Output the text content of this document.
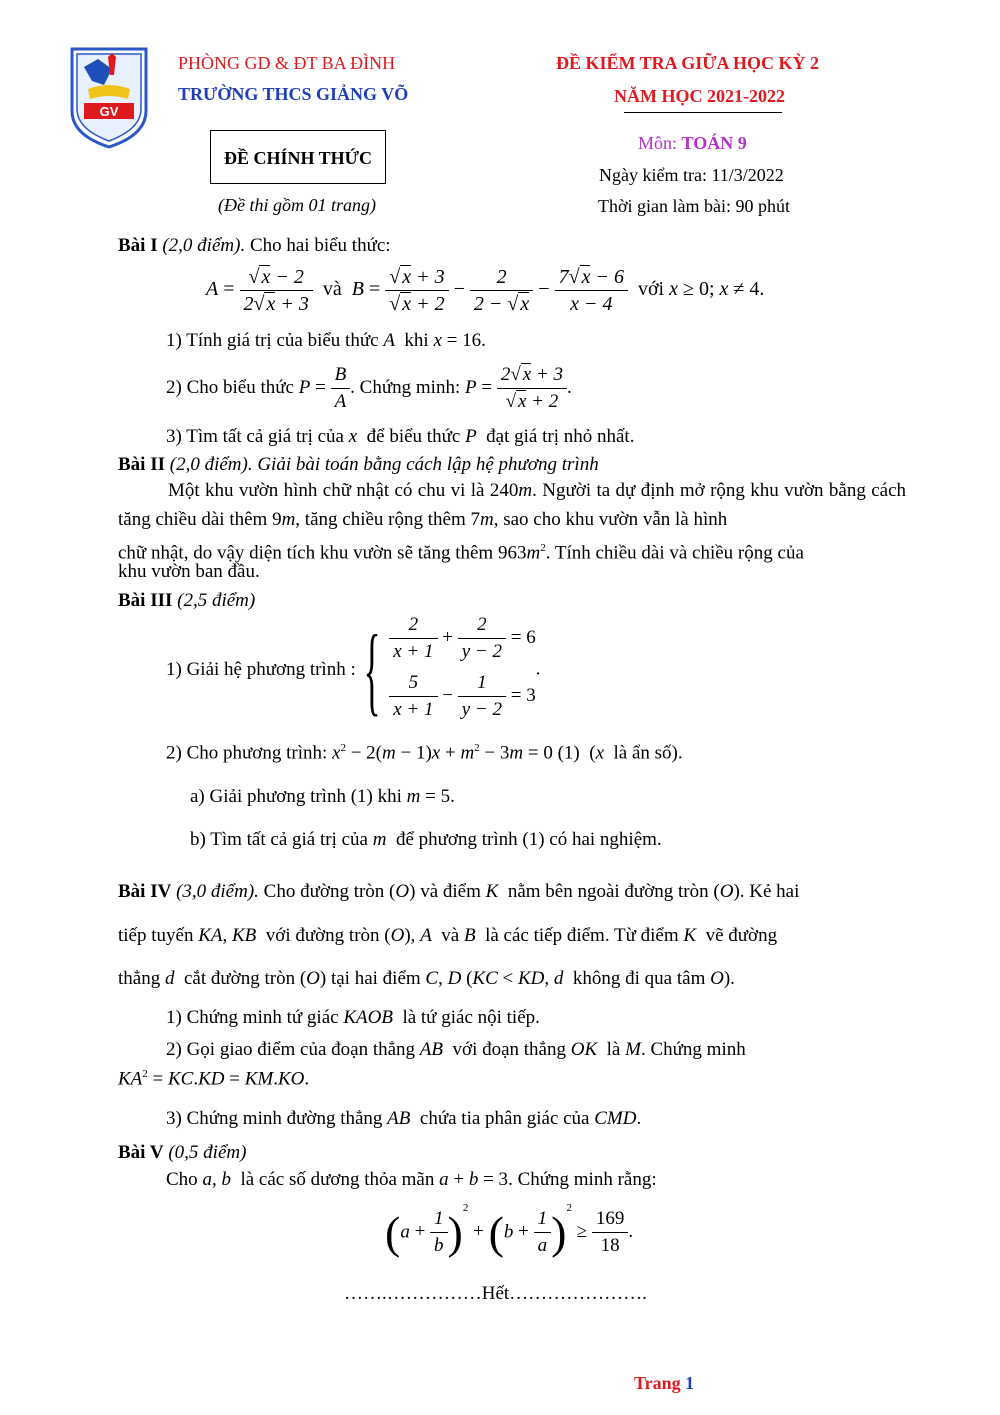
GV
PHÒNG GD & ĐT BA ĐÌNH
TRƯỜNG THCS GIẢNG VÕ
ĐỀ CHÍNH THỨC
(Đề thi gồm 01 trang)
ĐỀ KIỂM TRA GIỮA HỌC KỲ 2
NĂM HỌC 2021-2022
Môn: TOÁN 9
Ngày kiểm tra: 11/3/2022
Thời gian làm bài: 90 phút
Bài I (2,0 điểm). Cho hai biểu thức:
$A = \frac{√ x - 2}{2√ x + 3}$ và $B = \frac{√ x + 3}{√ x + 2} - \frac{2}{2 - √ x} - \frac{7√ x - 6}{x - 4}$ với x ≥ 0; x ≠ 4.
1) Tính giá trị của biểu thức A  khi x = 16.
2) Cho biểu thức $P = \frac{B}{A}$ . Chứng minh: $P = \frac{2√ x + 3}{√ x + 2}$ .
3) Tìm tất cả giá trị của x để biểu thức P đạt giá trị nhỏ nhất.
Bài II (2,0 điểm). Giải bài toán bằng cách lập hệ phương trình
Một khu vườn hình chữ nhật có chu vi là 240m. Người ta dự định mở rộng khu vườn bằng cách tăng chiều dài thêm 9m, tăng chiều rộng thêm 7m, sao cho khu vườn vẫn là hình
chữ nhật, do vậy diện tích khu vườn sẽ tăng thêm $963m^2$. Tính chiều dài và chiều rộng của
khu vườn ban đầu.
Bài III (2,5 điểm)
1) Giải hệ phương trình : { $\frac{2}{x + 1} + \frac{2}{y - 2} = 6$
$\frac{5}{x + 1} - \frac{1}{y - 2} = 3$
.
2) Cho phương trình: $x^2 - 2(m - 1)x + m^2 - 3m = 0$ (1)  (x là ẩn số).
a) Giải phương trình (1) khi m = 5.
b) Tìm tất cả giá trị của m để phương trình (1) có hai nghiệm.
Bài IV (3,0 điểm). Cho đường tròn (O) và điểm K nằm bên ngoài đường tròn (O). Kẻ hai
tiếp tuyến KA, KB với đường tròn (O), A và B là các tiếp điểm. Từ điểm K vẽ đường
thẳng d cắt đường tròn (O) tại hai điểm C, D (KC < KD, d không đi qua tâm O).
1) Chứng minh tứ giác KAOB là tứ giác nội tiếp.
2) Gọi giao điểm của đoạn thẳng AB với đoạn thẳng OK là M. Chứng minh
$KA^2 = KC.KD = KM.KO$.
3) Chứng minh đường thẳng AB chứa tia phân giác của CMD.
Bài V (0,5 điểm)
Cho a, b là các số dương thỏa mãn a + b = 3. Chứng minh rằng:
$(a + \frac{1}{b} )^2 + (b + \frac{1}{a} )^2 \ge \frac{169}{18}$ .
…….……………Hết………………….
Trang 1
